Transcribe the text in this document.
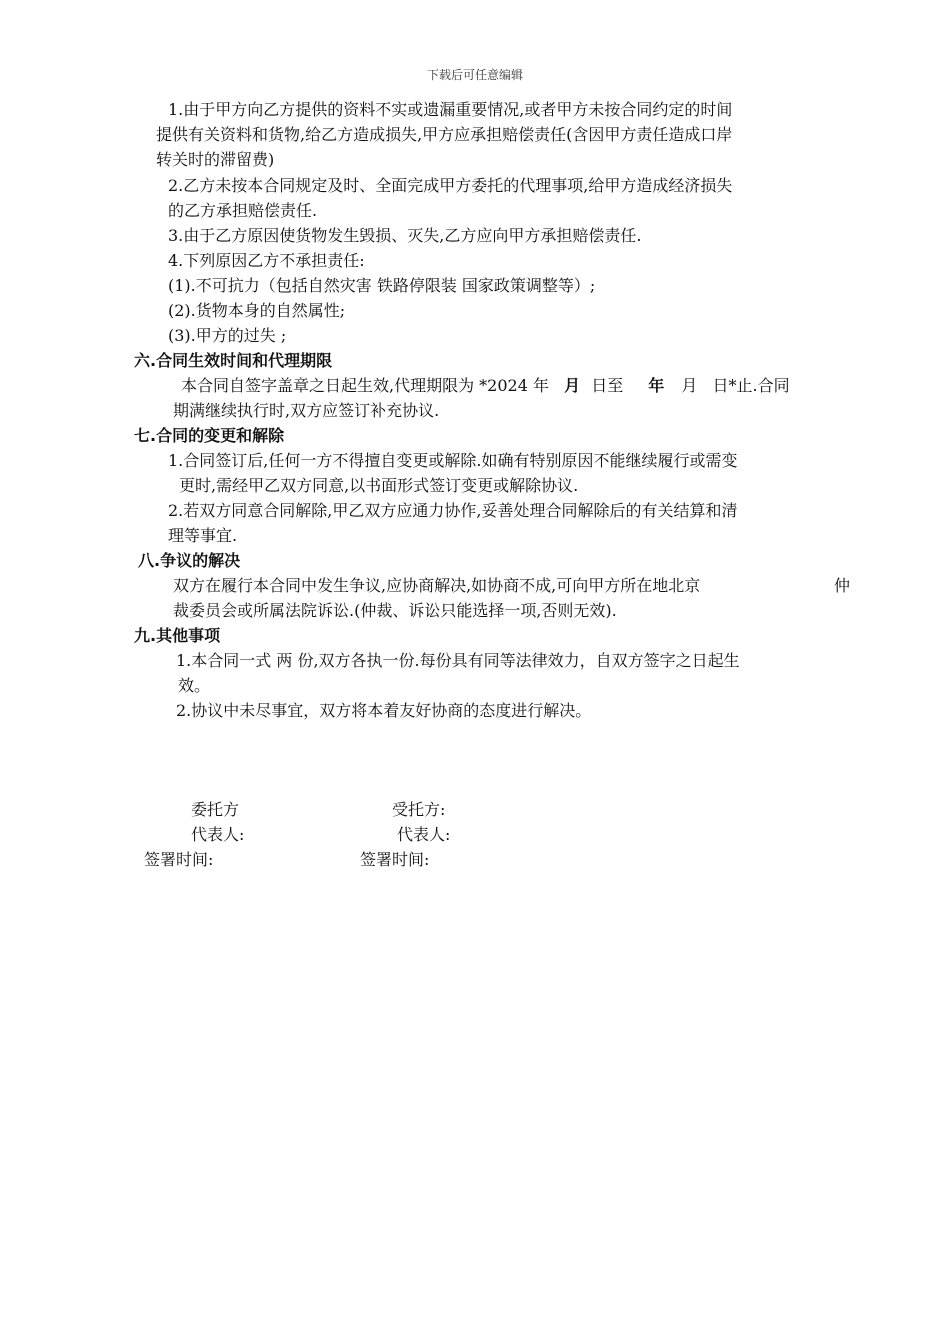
下载后可任意编辑
1.由于甲方向乙方提供的资料不实或遗漏重要情况,或者甲方未按合同约定的时间
提供有关资料和货物,给乙方造成损失,甲方应承担赔偿责任(含因甲方责任造成口岸
转关时的滞留费)
2.乙方未按本合同规定及时、全面完成甲方委托的代理事项,给甲方造成经济损失
的乙方承担赔偿责任.
3.由于乙方原因使货物发生毁损、灭失,乙方应向甲方承担赔偿责任.
4.下列原因乙方不承担责任:
(1).不可抗力（包括自然灾害 铁路停限装 国家政策调整等）;
(2).货物本身的自然属性;
(3).甲方的过失 ;
六.合同生效时间和代理期限
本合同自签字盖章之日起生效,代理期限为 *2024 年 月 日至 年 月 日*止.合同
期满继续执行时,双方应签订补充协议.
七.合同的变更和解除
1.合同签订后,任何一方不得擅自变更或解除.如确有特别原因不能继续履行或需变
更时,需经甲乙双方同意,以书面形式签订变更或解除协议.
2.若双方同意合同解除,甲乙双方应通力协作,妥善处理合同解除后的有关结算和清
理等事宜.
八.争议的解决
双方在履行本合同中发生争议,应协商解决,如协商不成,可向甲方所在地北京	仲
裁委员会或所属法院诉讼.(仲裁、诉讼只能选择一项,否则无效).
九.其他事项
1.本合同一式 两 份,双方各执一份.每份具有同等法律效力，自双方签字之日起生
效。
2.协议中未尽事宜，双方将本着友好协商的态度进行解决。
委托方	受托方:
代表人:	代表人:
签署时间:	签署时间:
